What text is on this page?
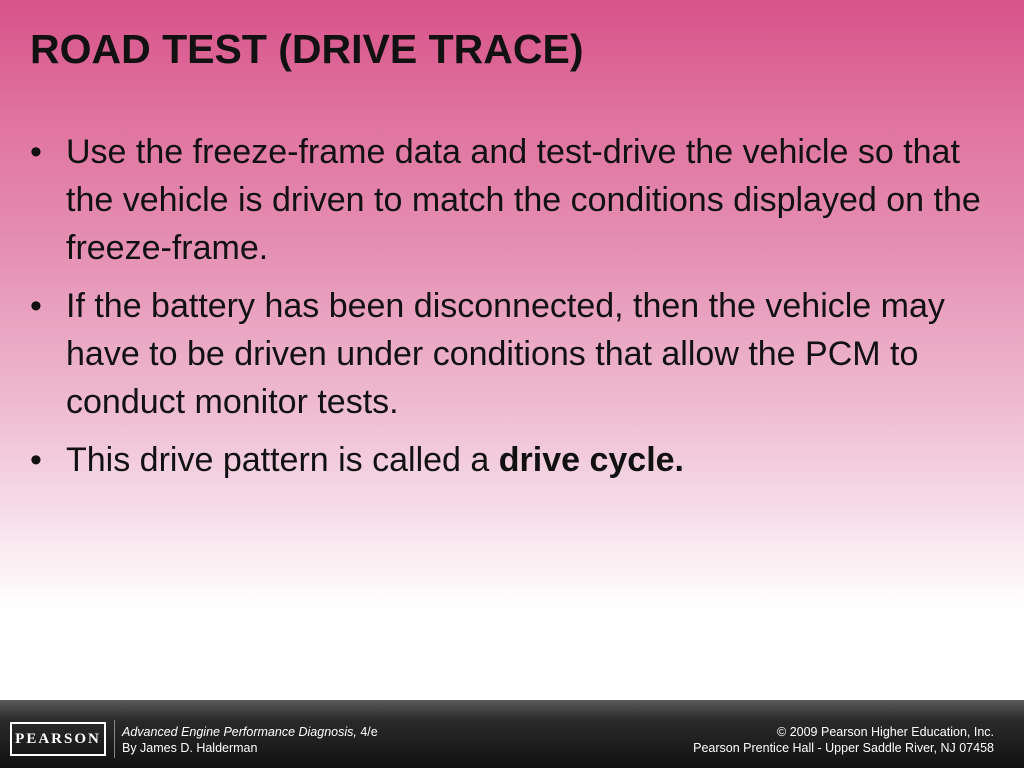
ROAD TEST (DRIVE TRACE)
• Use the freeze-frame data and test-drive the vehicle so that the vehicle is driven to match the conditions displayed on the freeze-frame.
• If the battery has been disconnected, then the vehicle may have to be driven under conditions that allow the PCM to conduct monitor tests.
• This drive pattern is called a drive cycle.
PEARSON	Advanced Engine Performance Diagnosis, 4/e
By James D. Halderman
© 2009 Pearson Higher Education, Inc.
Pearson Prentice Hall - Upper Saddle River, NJ 07458
